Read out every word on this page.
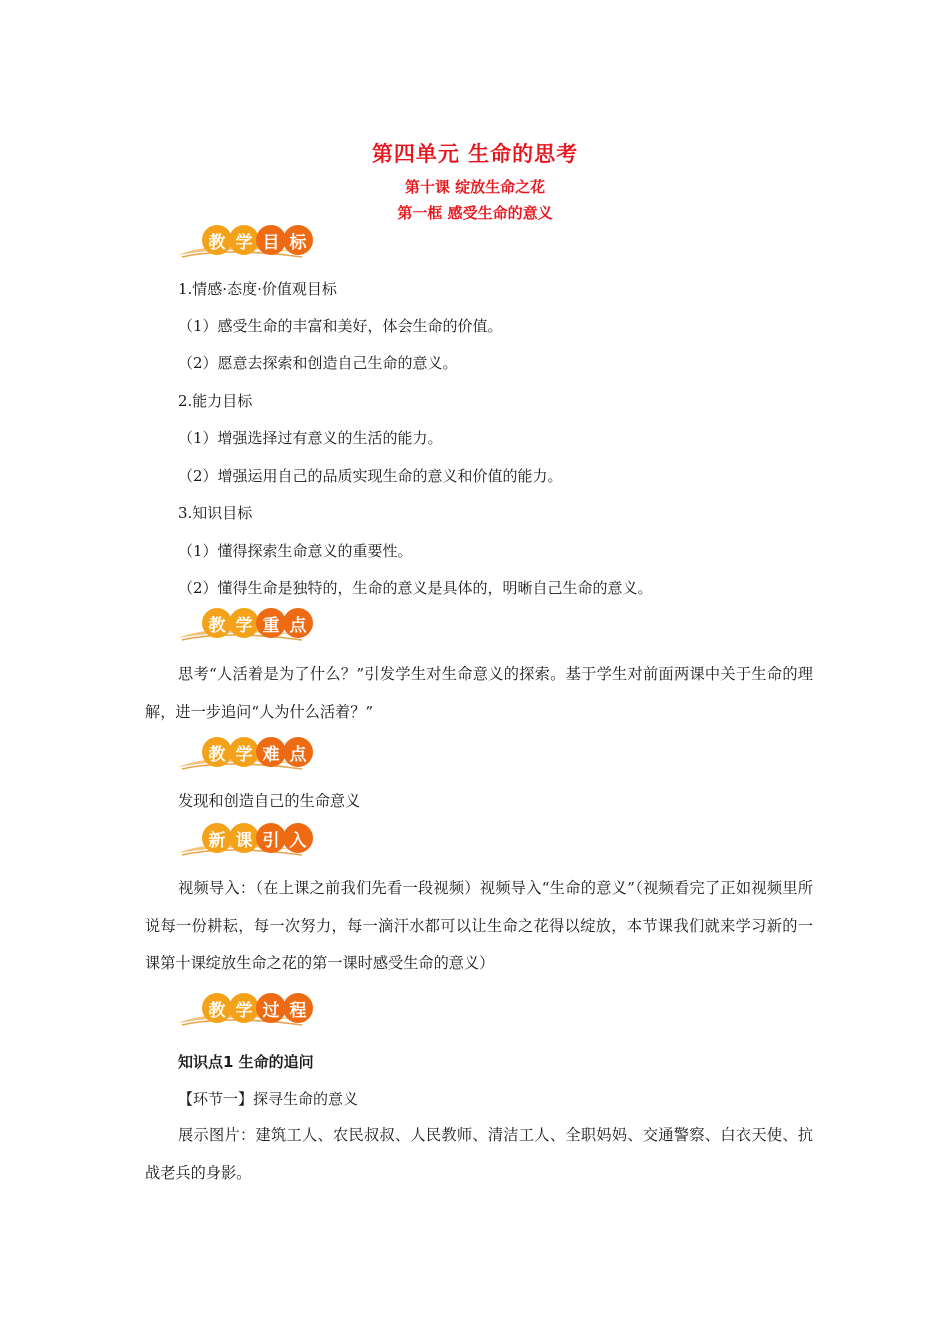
第四单元 生命的思考
第十课 绽放生命之花
第一框 感受生命的意义
教 学 目 标
1.情感·态度·价值观目标
（1）感受生命的丰富和美好，体会生命的价值。
（2）愿意去探索和创造自己生命的意义。
2.能力目标
（1）增强选择过有意义的生活的能力。
（2）增强运用自己的品质实现生命的意义和价值的能力。
3.知识目标
（1）懂得探索生命意义的重要性。
（2）懂得生命是独特的，生命的意义是具体的，明晰自己生命的意义。
教 学 重 点
思考“人活着是为了什么？”引发学生对生命意义的探索。基于学生对前面两课中关于生命的理解，进一步追问“人为什么活着？”
教 学 难 点
发现和创造自己的生命意义
新 课 引 入
视频导入：（在上课之前我们先看一段视频）视频导入“生命的意义”（视频看完了正如视频里所说每一份耕耘，每一次努力，每一滴汗水都可以让生命之花得以绽放，本节课我们就来学习新的一课第十课绽放生命之花的第一课时感受生命的意义）
教 学 过 程
知识点1 生命的追问
【环节一】探寻生命的意义
展示图片：建筑工人、农民叔叔、人民教师、清洁工人、全职妈妈、交通警察、白衣天使、抗战老兵的身影。
